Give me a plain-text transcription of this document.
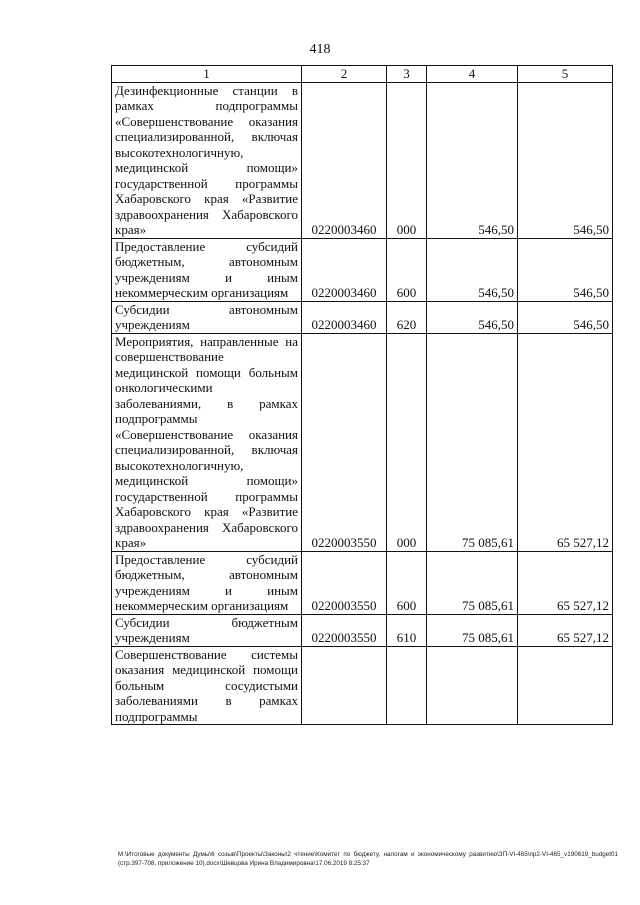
418
1	2	3	4	5
Дезинфекционные станции в рамках подпрограммы «Совершенствование оказания специализированной, включая высокотехнологичную, медицинской помощи» государственной программы Хабаровского края «Развитие здравоохранения Хабаровского края»	0220003460	000	546,50	546,50
Предоставление субсидий бюджетным, автономным учреждениям и иным некоммерческим организациям	0220003460	600	546,50	546,50
Субсидии автономным учреждениям	0220003460	620	546,50	546,50
Мероприятия, направленные на совершенствование медицинской помощи больным онкологическими заболеваниями, в рамках подпрограммы «Совершенствование оказания специализированной, включая высокотехнологичную, медицинской помощи» государственной программы Хабаровского края «Развитие здравоохранения Хабаровского края»	0220003550	000	75 085,61	65 527,12
Предоставление субсидий бюджетным, автономным учреждениям и иным некоммерческим организациям	0220003550	600	75 085,61	65 527,12
Субсидии бюджетным учреждениям	0220003550	610	75 085,61	65 527,12
Совершенствование системы оказания медицинской помощи больным сосудистыми заболеваниями в рамках подпрограммы				
M:\Итоговые документы Думы\6 созыв\Проекты\Законы\2 чтение\Комитет по бюджету, налогам и экономическому развитию\ЗП-VI-465\пр2-VI-465_v190619_budget01 (стр.397-708, приложение 10).docx\Шевцова Ирина Владимировна\17.06.2019 8:25:37
